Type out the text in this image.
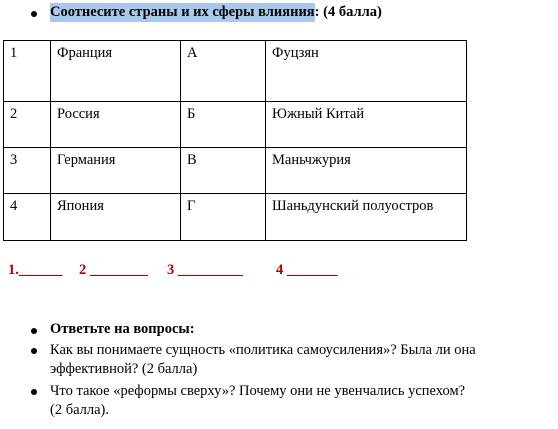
Соотнесите страны и их сферы влияния: (4 балла)
1	Франция	А	Фуцзян
2	Россия	Б	Южный Китай
3	Германия	В	Маньчжурия
4	Япония	Г	Шаньдунский полуостров
1.______ 2 ________ 3 _________ 4 _______
Ответьте на вопросы:
Как вы понимаете сущность «политика самоусиления»? Была ли она
эффективной? (2 балла)
Что такое «реформы сверху»? Почему они не увенчались успехом?
(2 балла).
